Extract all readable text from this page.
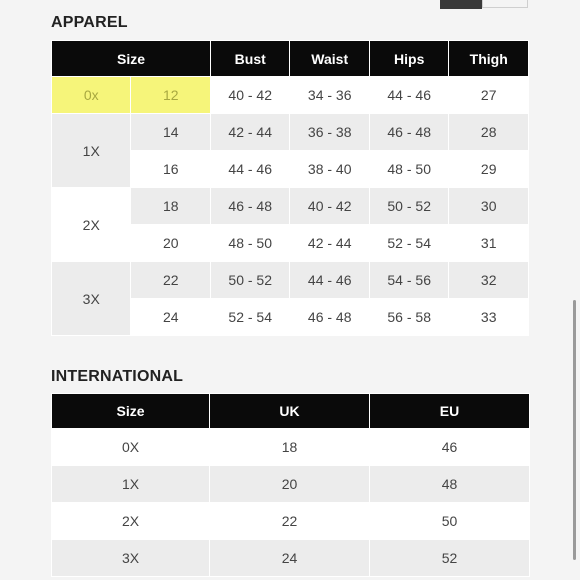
APPAREL
Size		Bust	Waist	Hips	Thigh
0x	12	40 - 42	34 - 36	44 - 46	27
1X	14	42 - 44	36 - 38	46 - 48	28
	16	44 - 46	38 - 40	48 - 50	29
2X	18	46 - 48	40 - 42	50 - 52	30
	20	48 - 50	42 - 44	52 - 54	31
3X	22	50 - 52	44 - 46	54 - 56	32
	24	52 - 54	46 - 48	56 - 58	33
INTERNATIONAL
Size	UK	EU
0X	18	46
1X	20	48
2X	22	50
3X	24	52
